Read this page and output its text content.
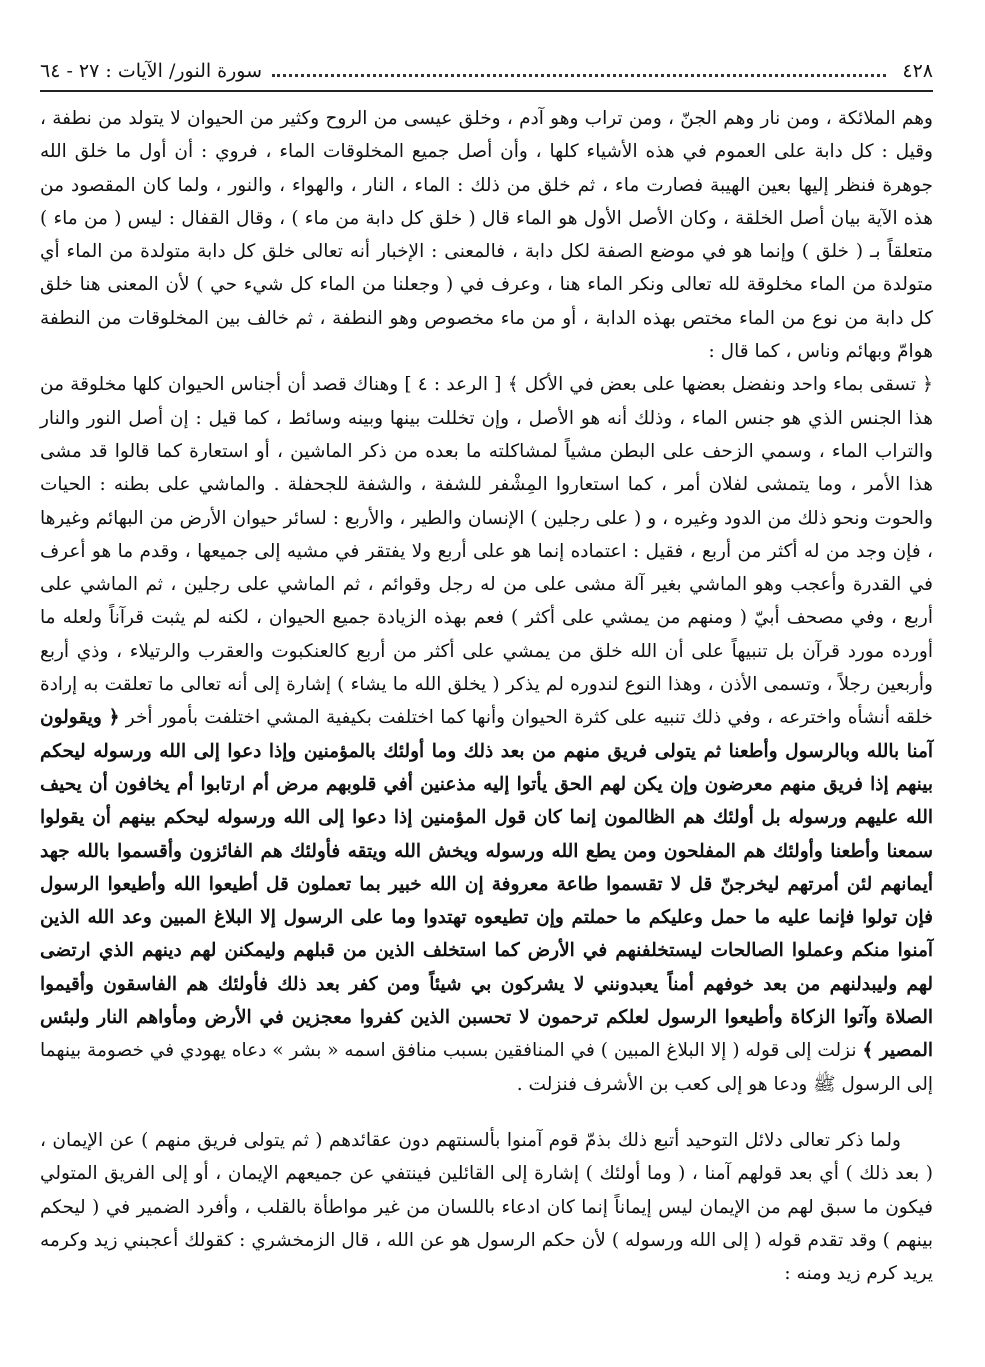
٤٢٨
سورة النور/ الآيات : ٢٧ - ٦٤

وهم الملائكة ، ومن نار وهم الجنّ ، ومن تراب وهو آدم ، وخلق عيسى من الروح وكثير من الحيوان لا يتولد من نطفة ، وقيل : كل دابة على العموم في هذه الأشياء كلها ، وأن أصل جميع المخلوقات الماء ، فروي : أن أول ما خلق الله جوهرة فنظر إليها بعين الهيبة فصارت ماء ، ثم خلق من ذلك : الماء ، النار ، والهواء ، والنور ، ولما كان المقصود من هذه الآية بيان أصل الخلقة ، وكان الأصل الأول هو الماء قال ( خلق كل دابة من ماء ) ، وقال القفال : ليس ( من ماء ) متعلقاً بـ ( خلق ) وإنما هو في موضع الصفة لكل دابة ، فالمعنى : الإخبار أنه تعالى خلق كل دابة متولدة من الماء أي متولدة من الماء مخلوقة لله تعالى ونكر الماء هنا ، وعرف في ( وجعلنا من الماء كل شيء حي ) لأن المعنى هنا خلق كل دابة من نوع من الماء مختص بهذه الدابة ، أو من ماء مخصوص وهو النطفة ، ثم خالف بين المخلوقات من النطفة هوامّ وبهائم وناس ، كما قال :
﴿ تسقى بماء واحد ونفضل بعضها على بعض في الأكل ﴾ [ الرعد : ٤ ] وهناك قصد أن أجناس الحيوان كلها مخلوقة من هذا الجنس الذي هو جنس الماء ، وذلك أنه هو الأصل ، وإن تخللت بينها وبينه وسائط ، كما قيل : إن أصل النور والنار والتراب الماء ، وسمي الزحف على البطن مشياً لمشاكلته ما بعده من ذكر الماشين ، أو استعارة كما قالوا قد مشى هذا الأمر ، وما يتمشى لفلان أمر ، كما استعاروا المِشْفر للشفة ، والشفة للجحفلة . والماشي على بطنه : الحيات والحوت ونحو ذلك من الدود وغيره ، و ( على رجلين ) الإنسان والطير ، والأربع : لسائر حيوان الأرض من البهائم وغيرها ، فإن وجد من له أكثر من أربع ، فقيل : اعتماده إنما هو على أربع ولا يفتقر في مشيه إلى جميعها ، وقدم ما هو أعرف في القدرة وأعجب وهو الماشي بغير آلة مشى على من له رجل وقوائم ، ثم الماشي على رجلين ، ثم الماشي على أربع ، وفي مصحف أبيّ ( ومنهم من يمشي على أكثر ) فعم بهذه الزيادة جميع الحيوان ، لكنه لم يثبت قرآناً ولعله ما أورده مورد قرآن بل تنبيهاً على أن الله خلق من يمشي على أكثر من أربع كالعنكبوت والعقرب والرتيلاء ، وذي أربع وأربعين رجلاً ، وتسمى الأذن ، وهذا النوع لندوره لم يذكر ( يخلق الله ما يشاء ) إشارة إلى أنه تعالى ما تعلقت به إرادة خلقه أنشأه واخترعه ، وفي ذلك تنبيه على كثرة الحيوان وأنها كما اختلفت بكيفية المشي اختلفت بأمور أخر ﴿ ويقولون آمنا بالله وبالرسول وأطعنا ثم يتولى فريق منهم من بعد ذلك وما أولئك بالمؤمنين وإذا دعوا إلى الله ورسوله ليحكم بينهم إذا فريق منهم معرضون وإن يكن لهم الحق يأتوا إليه مذعنين أفي قلوبهم مرض أم ارتابوا أم يخافون أن يحيف الله عليهم ورسوله بل أولئك هم الظالمون إنما كان قول المؤمنين إذا دعوا إلى الله ورسوله ليحكم بينهم أن يقولوا سمعنا وأطعنا وأولئك هم المفلحون ومن يطع الله ورسوله ويخش الله ويتقه فأولئك هم الفائزون وأقسموا بالله جهد أيمانهم لئن أمرتهم ليخرجنّ قل لا تقسموا طاعة معروفة إن الله خبير بما تعملون قل أطيعوا الله وأطيعوا الرسول فإن تولوا فإنما عليه ما حمل وعليكم ما حملتم وإن تطيعوه تهتدوا وما على الرسول إلا البلاغ المبين وعد الله الذين آمنوا منكم وعملوا الصالحات ليستخلفنهم في الأرض كما استخلف الذين من قبلهم وليمكنن لهم دينهم الذي ارتضى لهم وليبدلنهم من بعد خوفهم أمناً يعبدونني لا يشركون بي شيئاً ومن كفر بعد ذلك فأولئك هم الفاسقون وأقيموا الصلاة وآتوا الزكاة وأطيعوا الرسول لعلكم ترحمون لا تحسبن الذين كفروا معجزين في الأرض ومأواهم النار ولبئس المصير ﴾ نزلت إلى قوله ( إلا البلاغ المبين ) في المنافقين بسبب منافق اسمه « بشر » دعاه يهودي في خصومة بينهما إلى الرسول ﷺ ودعا هو إلى كعب بن الأشرف فنزلت .

ولما ذكر تعالى دلائل التوحيد أتبع ذلك بذمّ قوم آمنوا بألسنتهم دون عقائدهم ( ثم يتولى فريق منهم ) عن الإيمان ، ( بعد ذلك ) أي بعد قولهم آمنا ، ( وما أولئك ) إشارة إلى القائلين فينتفي عن جميعهم الإيمان ، أو إلى الفريق المتولي فيكون ما سبق لهم من الإيمان ليس إيماناً إنما كان ادعاء باللسان من غير مواطأة بالقلب ، وأفرد الضمير في ( ليحكم بينهم ) وقد تقدم قوله ( إلى الله ورسوله ) لأن حكم الرسول هو عن الله ، قال الزمخشري : كقولك أعجبني زيد وكرمه يريد كرم زيد ومنه :
